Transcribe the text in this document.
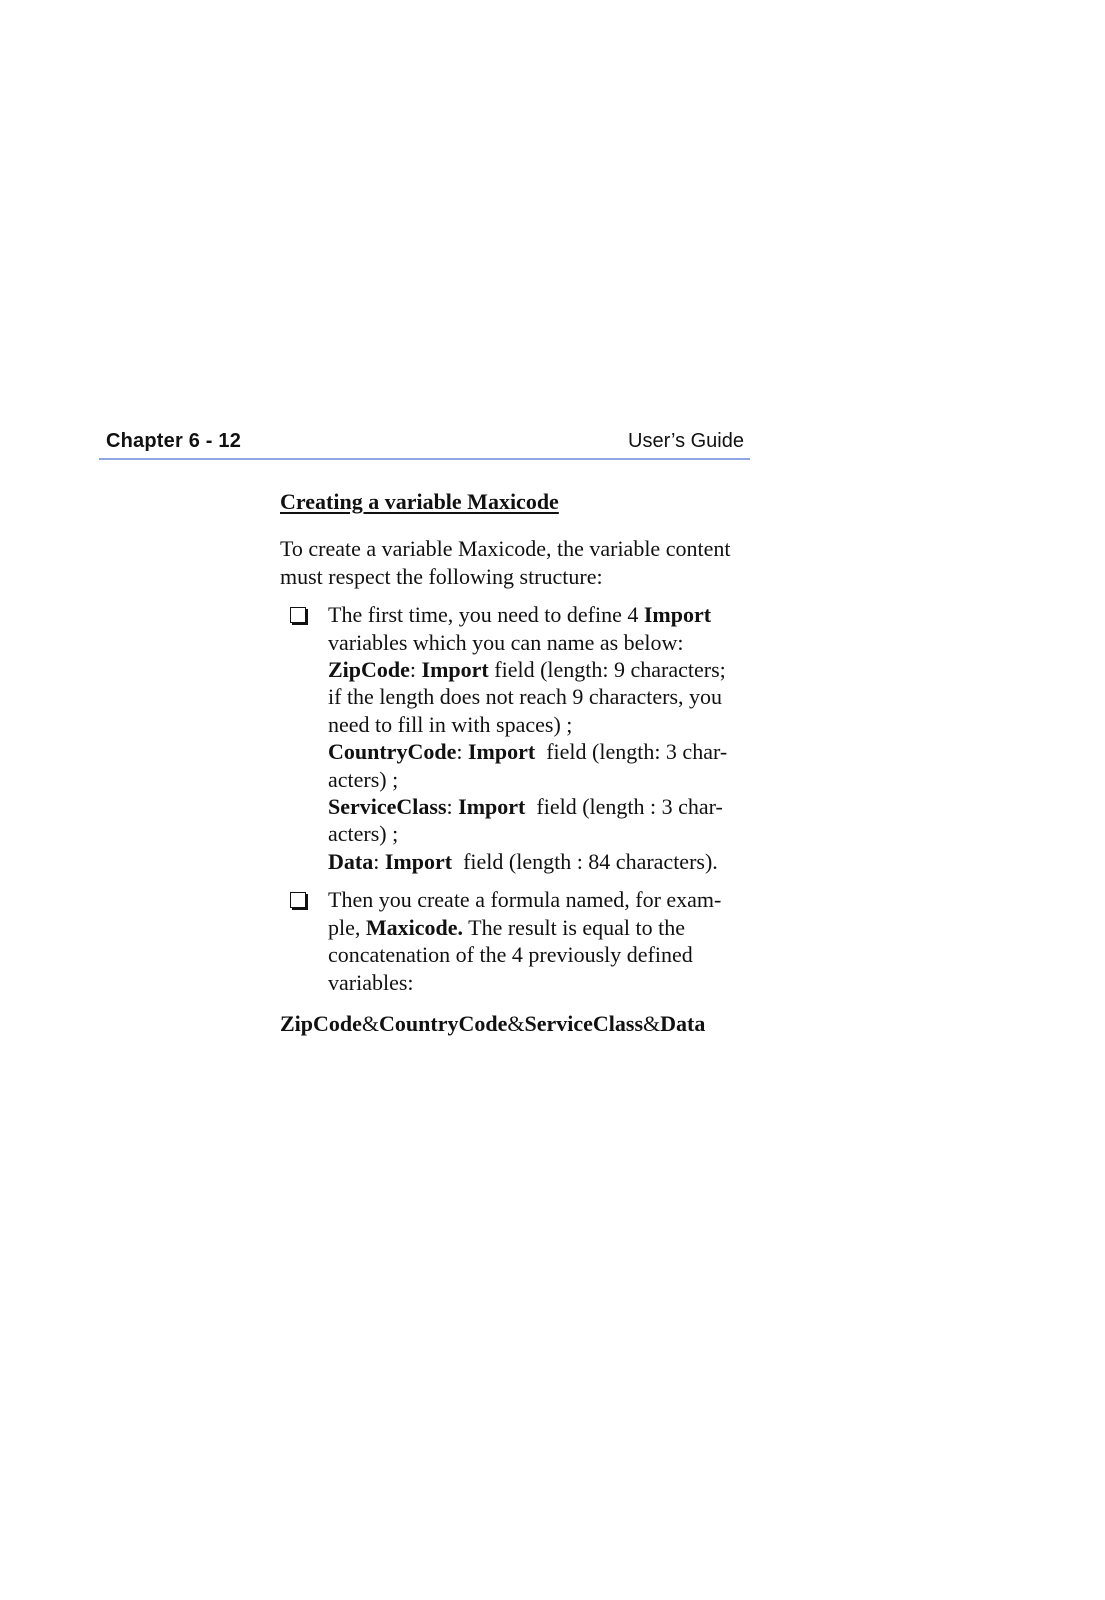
Chapter 6 - 12	User’s Guide
Creating a variable Maxicode

To create a variable Maxicode, the variable content
must respect the following structure:

The first time, you need to define 4 Import
variables which you can name as below:
ZipCode: Import field (length: 9 characters;
if the length does not reach 9 characters, you
need to fill in with spaces) ;
CountryCode: Import  field (length: 3 char-
acters) ;
ServiceClass: Import  field (length : 3 char-
acters) ;
Data: Import  field (length : 84 characters).
Then you create a formula named, for exam-
ple, Maxicode. The result is equal to the
concatenation of the 4 previously defined
variables:
ZipCode&CountryCode&ServiceClass&Data
